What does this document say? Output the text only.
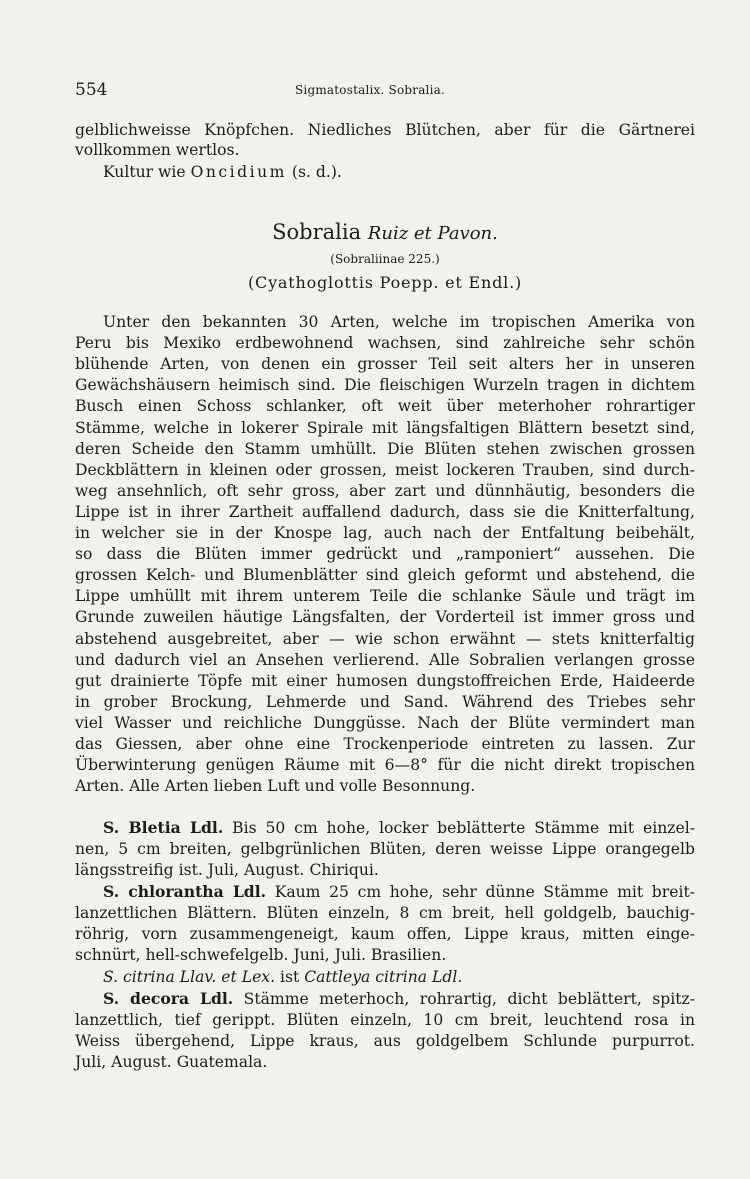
554	Sigmatostalix. Sobralia.
gelblichweisse Knöpfchen. Niedliches Blütchen, aber für die Gärtnerei
vollkommen wertlos.
Kultur wie Oncidium (s. d.).
Sobralia Ruiz et Pavon.
(Sobraliinae 225.)
(Cyathoglottis Poepp. et Endl.)
Unter den bekannten 30 Arten, welche im tropischen Amerika von
Peru bis Mexiko erdbewohnend wachsen, sind zahlreiche sehr schön
blühende Arten, von denen ein grosser Teil seit alters her in unseren
Gewächshäusern heimisch sind. Die fleischigen Wurzeln tragen in dichtem
Busch einen Schoss schlanker, oft weit über meterhoher rohrartiger
Stämme, welche in lokerer Spirale mit längsfaltigen Blättern besetzt sind,
deren Scheide den Stamm umhüllt. Die Blüten stehen zwischen grossen
Deckblättern in kleinen oder grossen, meist lockeren Trauben, sind durch-
weg ansehnlich, oft sehr gross, aber zart und dünnhäutig, besonders die
Lippe ist in ihrer Zartheit auffallend dadurch, dass sie die Knitterfaltung,
in welcher sie in der Knospe lag, auch nach der Entfaltung beibehält,
so dass die Blüten immer gedrückt und „ramponiert“ aussehen. Die
grossen Kelch- und Blumenblätter sind gleich geformt und abstehend, die
Lippe umhüllt mit ihrem unterem Teile die schlanke Säule und trägt im
Grunde zuweilen häutige Längsfalten, der Vorderteil ist immer gross und
abstehend ausgebreitet, aber — wie schon erwähnt — stets knitterfaltig
und dadurch viel an Ansehen verlierend. Alle Sobralien verlangen grosse
gut drainierte Töpfe mit einer humosen dungstoffreichen Erde, Haideerde
in grober Brockung, Lehmerde und Sand. Während des Triebes sehr
viel Wasser und reichliche Dunggüsse. Nach der Blüte vermindert man
das Giessen, aber ohne eine Trockenperiode eintreten zu lassen. Zur
Überwinterung genügen Räume mit 6—8° für die nicht direkt tropischen
Arten. Alle Arten lieben Luft und volle Besonnung.
S. Bletia Ldl. Bis 50 cm hohe, locker beblätterte Stämme mit einzel-
nen, 5 cm breiten, gelbgrünlichen Blüten, deren weisse Lippe orangegelb
längsstreifig ist. Juli, August. Chiriqui.
S. chlorantha Ldl. Kaum 25 cm hohe, sehr dünne Stämme mit breit-
lanzettlichen Blättern. Blüten einzeln, 8 cm breit, hell goldgelb, bauchig-
röhrig, vorn zusammengeneigt, kaum offen, Lippe kraus, mitten einge-
schnürt, hell-schwefelgelb. Juni, Juli. Brasilien.
S. citrina Llav. et Lex. ist Cattleya citrina Ldl.
S. decora Ldl. Stämme meterhoch, rohrartig, dicht beblättert, spitz-
lanzettlich, tief gerippt. Blüten einzeln, 10 cm breit, leuchtend rosa in
Weiss übergehend, Lippe kraus, aus goldgelbem Schlunde purpurrot.
Juli, August. Guatemala.
